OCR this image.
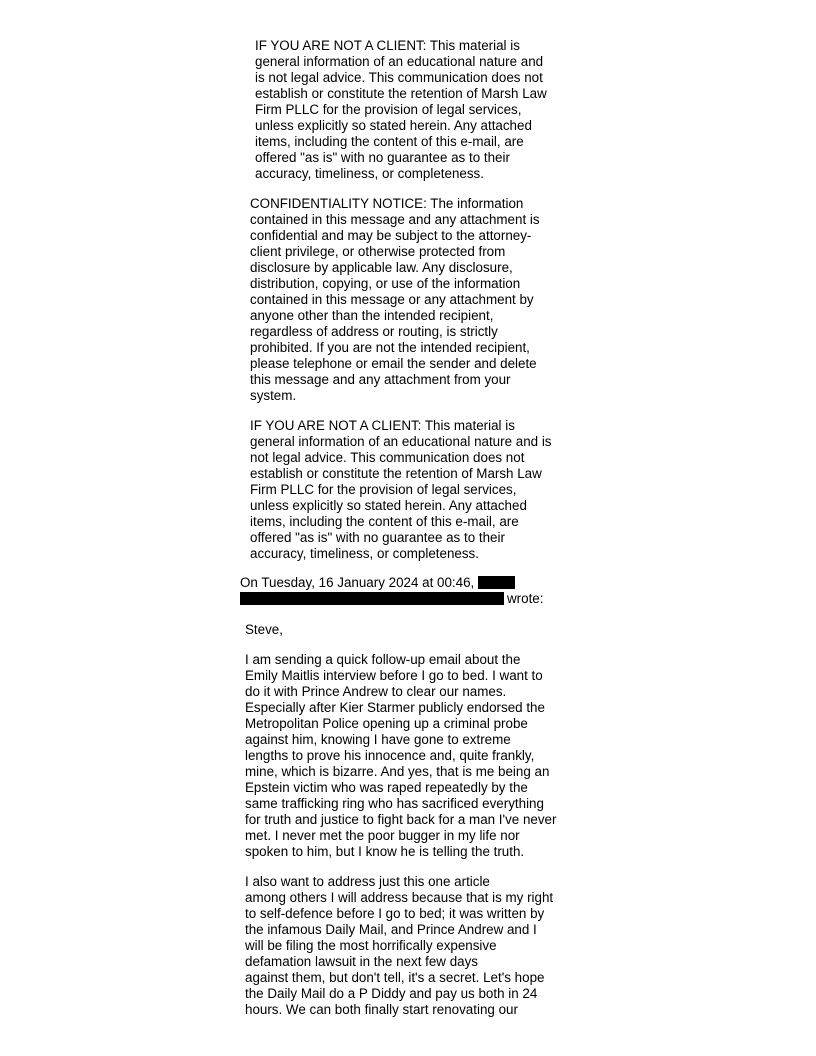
IF YOU ARE NOT A CLIENT: This material is
general information of an educational nature and
is not legal advice. This communication does not
establish or constitute the retention of Marsh Law
Firm PLLC for the provision of legal services,
unless explicitly so stated herein. Any attached
items, including the content of this e-mail, are
offered "as is" with no guarantee as to their
accuracy, timeliness, or completeness.

CONFIDENTIALITY NOTICE: The information
contained in this message and any attachment is
confidential and may be subject to the attorney-
client privilege, or otherwise protected from
disclosure by applicable law. Any disclosure,
distribution, copying, or use of the information
contained in this message or any attachment by
anyone other than the intended recipient,
regardless of address or routing, is strictly
prohibited. If you are not the intended recipient,
please telephone or email the sender and delete
this message and any attachment from your
system.

IF YOU ARE NOT A CLIENT: This material is
general information of an educational nature and is
not legal advice. This communication does not
establish or constitute the retention of Marsh Law
Firm PLLC for the provision of legal services,
unless explicitly so stated herein. Any attached
items, including the content of this e-mail, are
offered "as is" with no guarantee as to their
accuracy, timeliness, or completeness.

On Tuesday, 16 January 2024 at 00:46,
wrote:

Steve,

I am sending a quick follow-up email about the
Emily Maitlis interview before I go to bed. I want to
do it with Prince Andrew to clear our names.
Especially after Kier Starmer publicly endorsed the
Metropolitan Police opening up a criminal probe
against him, knowing I have gone to extreme
lengths to prove his innocence and, quite frankly,
mine, which is bizarre. And yes, that is me being an
Epstein victim who was raped repeatedly by the
same trafficking ring who has sacrificed everything
for truth and justice to fight back for a man I've never
met. I never met the poor bugger in my life nor
spoken to him, but I know he is telling the truth.

I also want to address just this one article
among others I will address because that is my right
to self-defence before I go to bed; it was written by
the infamous Daily Mail, and Prince Andrew and I
will be filing the most horrifically expensive
defamation lawsuit in the next few days
against them, but don't tell, it's a secret. Let's hope
the Daily Mail do a P Diddy and pay us both in 24
hours. We can both finally start renovating our
